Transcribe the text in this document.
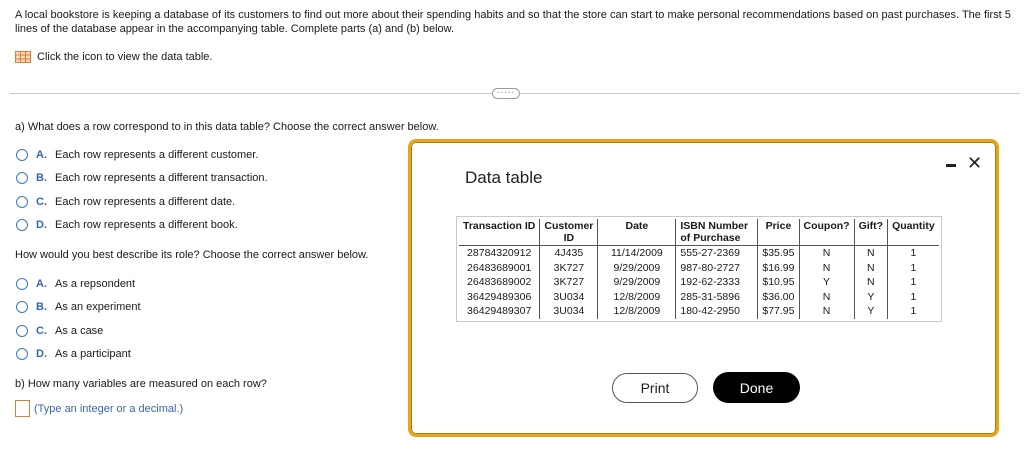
A local bookstore is keeping a database of its customers to find out more about their spending habits and so that the store can start to make personal recommendations based on past purchases. The first 5 lines of the database appear in the accompanying table. Complete parts (a) and (b) below.
Click the icon to view the data table.
·····
a) What does a row correspond to in this data table? Choose the correct answer below.
A. Each row represents a different customer.
B. Each row represents a different transaction.
C. Each row represents a different date.
D. Each row represents a different book.
How would you best describe its role? Choose the correct answer below.
A. As a repsondent
B. As an experiment
C. As a case
D. As a participant
b) How many variables are measured on each row?
(Type an integer or a decimal.)
Data table
✕
Transaction ID	Customer ID	Date	ISBN Number of Purchase	Price	Coupon?	Gift?	Quantity
28784320912	4J435	11/14/2009	555-27-2369	$35.95	N	N	1
26483689001	3K727	9/29/2009	987-80-2727	$16.99	N	N	1
26483689002	3K727	9/29/2009	192-62-2333	$10.95	Y	N	1
36429489306	3U034	12/8/2009	285-31-5896	$36.00	N	Y	1
36429489307	3U034	12/8/2009	180-42-2950	$77.95	N	Y	1
Print	Done
